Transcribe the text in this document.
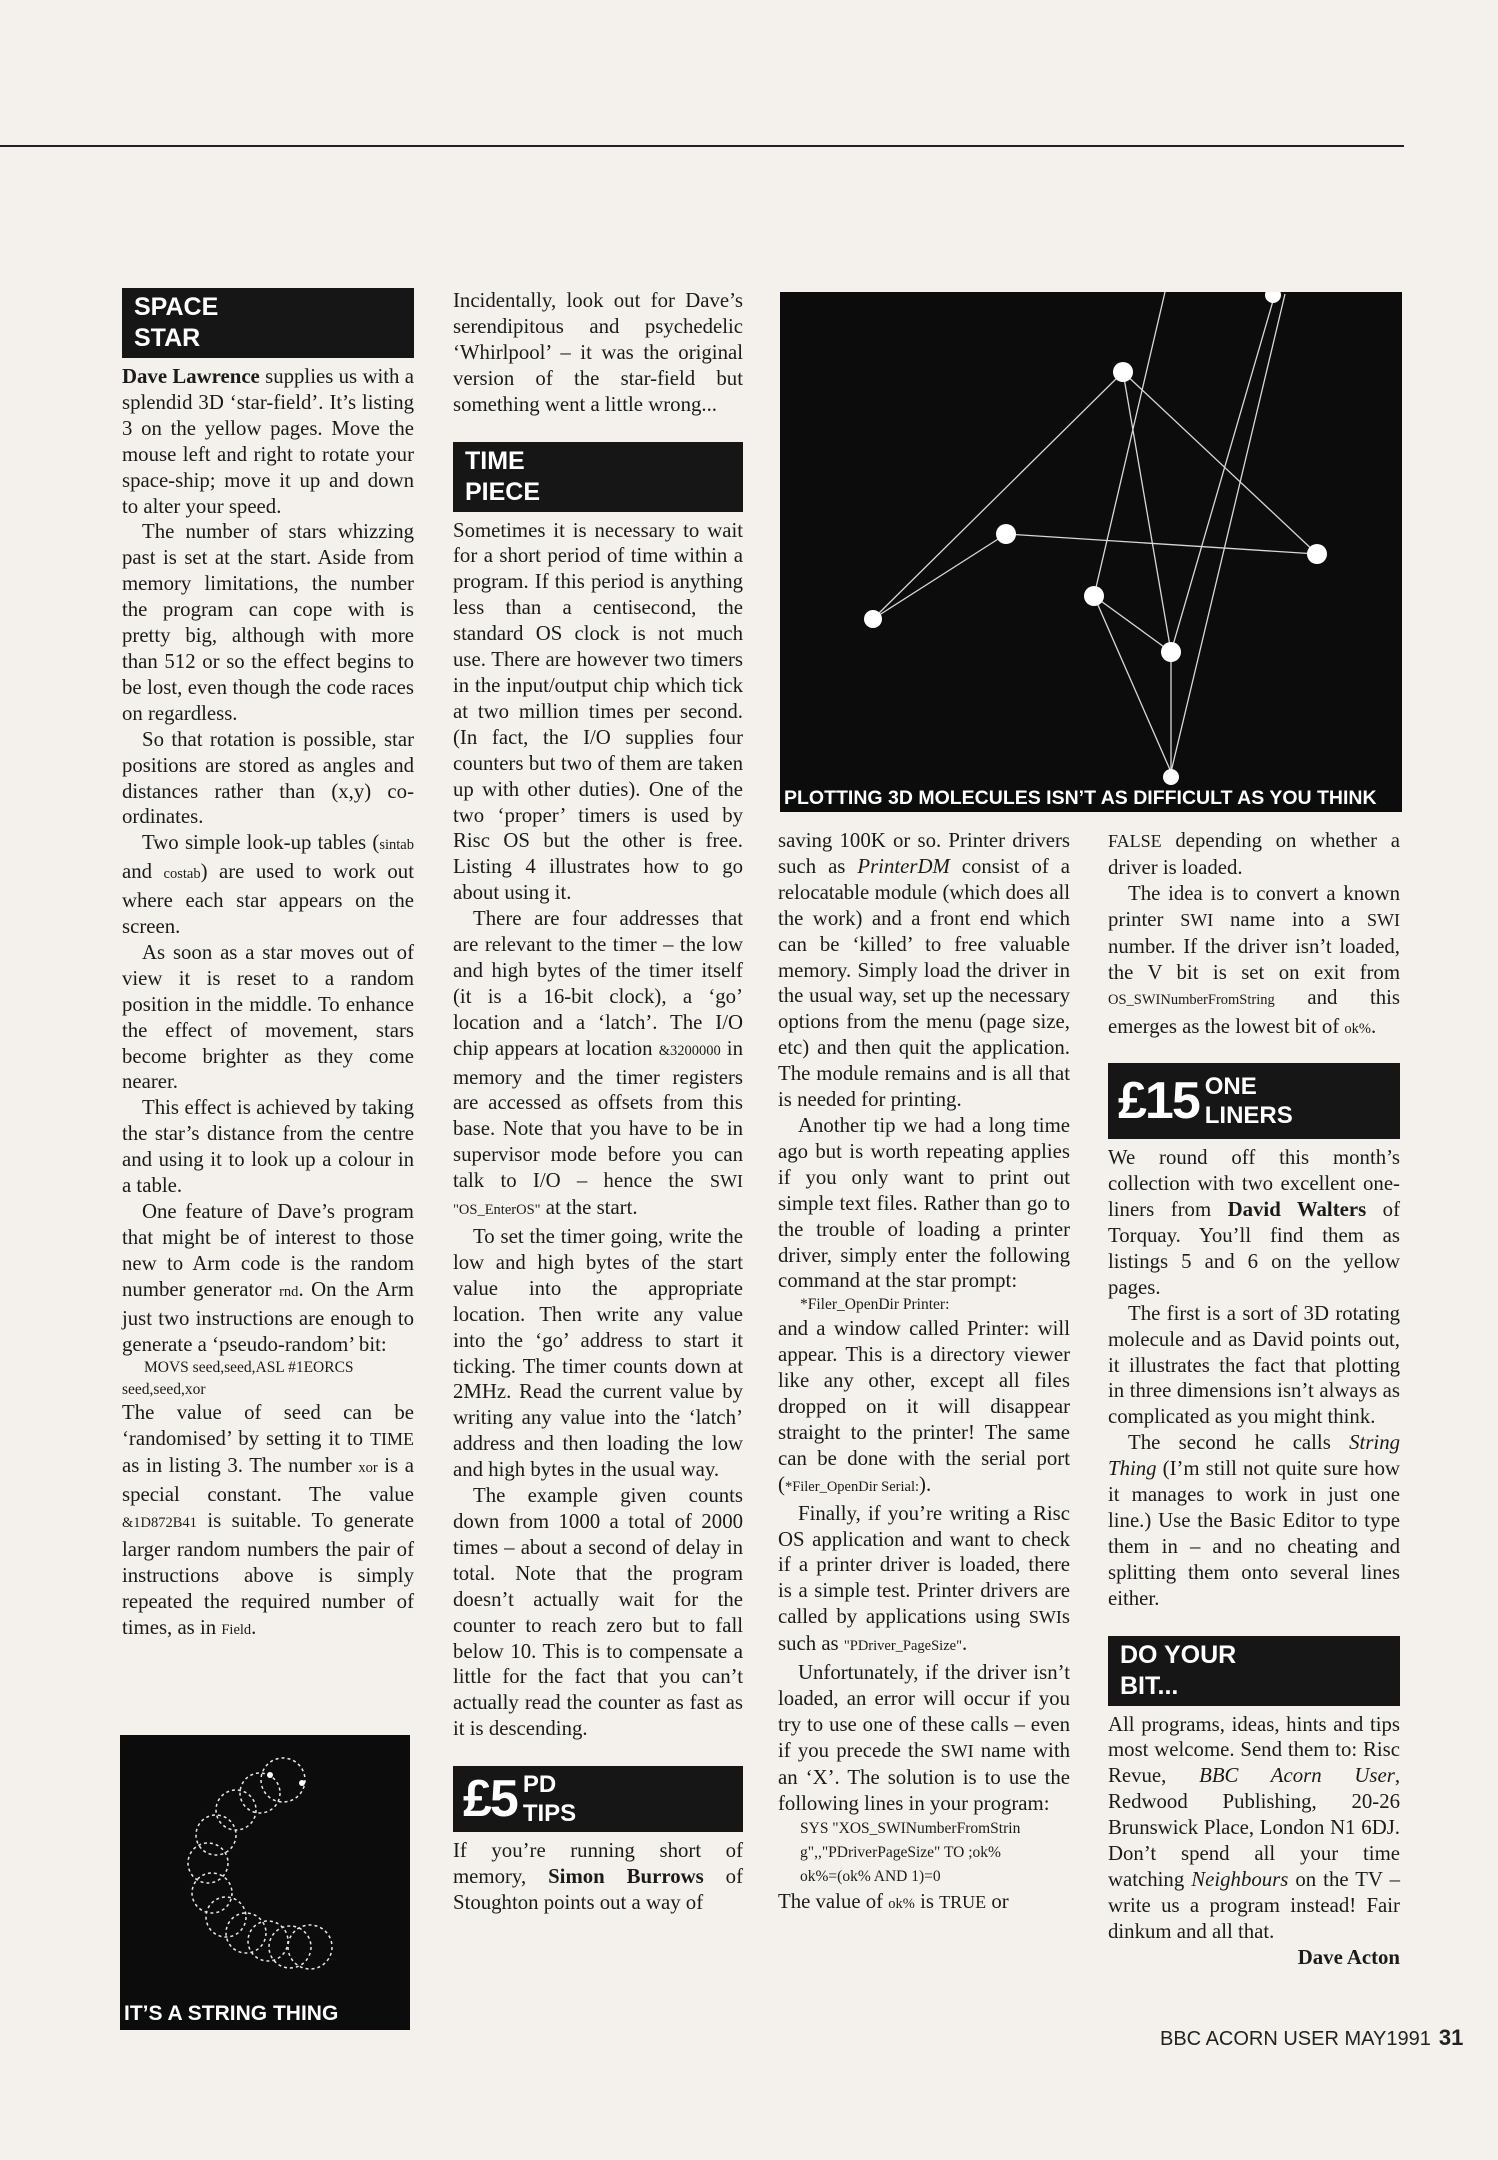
SPACE
STAR

Dave Lawrence supplies us with a splendid 3D ‘star-field’. It’s listing 3 on the yellow pages. Move the mouse left and right to rotate your space-ship; move it up and down to alter your speed.

The number of stars whizzing past is set at the start. Aside from memory limitations, the number the program can cope with is pretty big, although with more than 512 or so the effect begins to be lost, even though the code races on regardless.

So that rotation is possible, star positions are stored as angles and distances rather than (x,y) co-ordinates.

Two simple look-up tables (sintab and costab) are used to work out where each star appears on the screen.

As soon as a star moves out of view it is reset to a random position in the middle. To enhance the effect of movement, stars become brighter as they come nearer.

This effect is achieved by taking the star’s distance from the centre and using it to look up a colour in a table.

One feature of Dave’s program that might be of interest to those new to Arm code is the random number generator rnd. On the Arm just two instructions are enough to generate a ‘pseudo-random’ bit:

MOVS seed,seed,ASL #1EORCS

seed,seed,xor

The value of seed can be ‘randomised’ by setting it to TIME as in listing 3. The number xor is a special constant. The value &1D872B41 is suitable. To generate larger random numbers the pair of instructions above is simply repeated the required number of times, as in Field.

IT’S A STRING THING

Incidentally, look out for Dave’s serendipitous and psychedelic ‘Whirlpool’ – it was the original version of the star-field but something went a little wrong...

TIME
PIECE

Sometimes it is necessary to wait for a short period of time within a program. If this period is anything less than a centisecond, the standard OS clock is not much use. There are however two timers in the input/output chip which tick at two million times per second. (In fact, the I/O supplies four counters but two of them are taken up with other duties). One of the two ‘proper’ timers is used by Risc OS but the other is free. Listing 4 illustrates how to go about using it.

There are four addresses that are relevant to the timer – the low and high bytes of the timer itself (it is a 16-bit clock), a ‘go’ location and a ‘latch’. The I/O chip appears at location &3200000 in memory and the timer registers are accessed as offsets from this base. Note that you have to be in supervisor mode before you can talk to I/O – hence the SWI "OS_EnterOS" at the start.

To set the timer going, write the low and high bytes of the start value into the appropriate location. Then write any value into the ‘go’ address to start it ticking. The timer counts down at 2MHz. Read the current value by writing any value into the ‘latch’ address and then loading the low and high bytes in the usual way.

The example given counts down from 1000 a total of 2000 times – about a second of delay in total. Note that the program doesn’t actually wait for the counter to reach zero but to fall below 10. This is to compensate a little for the fact that you can’t actually read the counter as fast as it is descending.

£5 PD
TIPS

If you’re running short of memory, Simon Burrows of Stoughton points out a way of

PLOTTING 3D MOLECULES ISN’T AS DIFFICULT AS YOU THINK

saving 100K or so. Printer drivers such as PrinterDM consist of a relocatable module (which does all the work) and a front end which can be ‘killed’ to free valuable memory. Simply load the driver in the usual way, set up the necessary options from the menu (page size, etc) and then quit the application. The module remains and is all that is needed for printing.

Another tip we had a long time ago but is worth repeating applies if you only want to print out simple text files. Rather than go to the trouble of loading a printer driver, simply enter the following command at the star prompt:

*Filer_OpenDir Printer:

and a window called Printer: will appear. This is a directory viewer like any other, except all files dropped on it will disappear straight to the printer! The same can be done with the serial port (*Filer_OpenDir Serial:).

Finally, if you’re writing a Risc OS application and want to check if a printer driver is loaded, there is a simple test. Printer drivers are called by applications using SWIs such as "PDriver_PageSize".

Unfortunately, if the driver isn’t loaded, an error will occur if you try to use one of these calls – even if you precede the SWI name with an ‘X’. The solution is to use the following lines in your program:

SYS "XOS_SWINumberFromStrin

g",,"PDriverPageSize" TO ;ok%

ok%=(ok% AND 1)=0

The value of ok% is TRUE or

FALSE depending on whether a driver is loaded.

The idea is to convert a known printer SWI name into a SWI number. If the driver isn’t loaded, the V bit is set on exit from OS_SWINumberFromString and this emerges as the lowest bit of ok%.

£15 ONE
LINERS

We round off this month’s collection with two excellent one-liners from David Walters of Torquay. You’ll find them as listings 5 and 6 on the yellow pages.

The first is a sort of 3D rotating molecule and as David points out, it illustrates the fact that plotting in three dimensions isn’t always as complicated as you might think.

The second he calls String Thing (I’m still not quite sure how it manages to work in just one line.) Use the Basic Editor to type them in – and no cheating and splitting them onto several lines either.

DO YOUR
BIT...

All programs, ideas, hints and tips most welcome. Send them to: Risc Revue, BBC Acorn User, Redwood Publishing, 20-26 Brunswick Place, London N1 6DJ. Don’t spend all your time watching Neighbours on the TV – write us a program instead! Fair dinkum and all that.

Dave Acton

BBC ACORN USER MAY1991 31
